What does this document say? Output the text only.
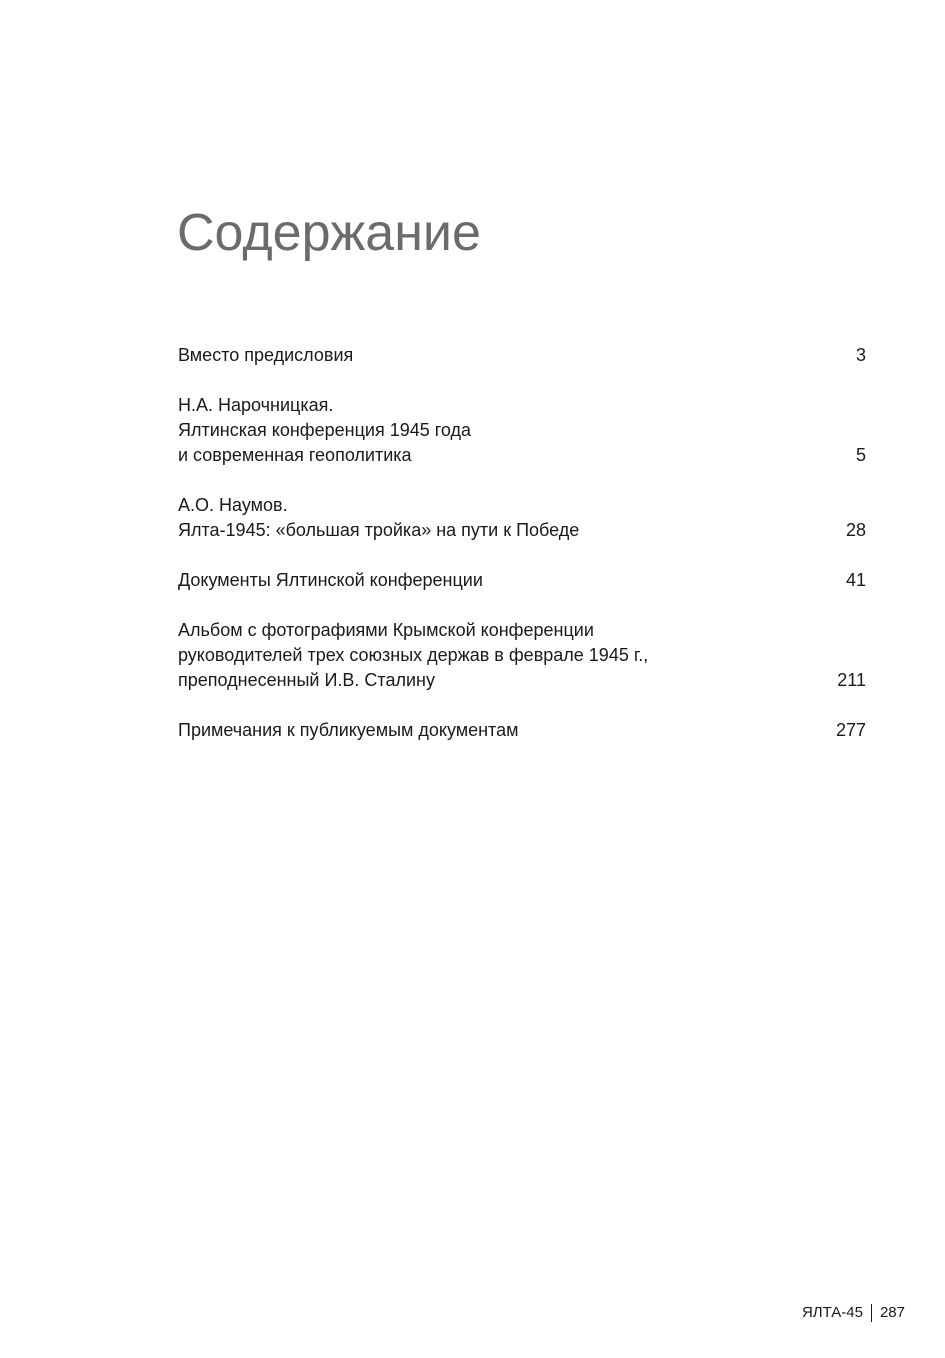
Содержание
Вместо предисловия	3
Н.А. Нарочницкая.
Ялтинская конференция 1945 года
и современная геополитика	5
А.О. Наумов.
Ялта-1945: «большая тройка» на пути к Победе	28
Документы Ялтинской конференции	41
Альбом с фотографиями Крымской конференции
руководителей трех союзных держав в феврале 1945 г.,
преподнесенный И.В. Сталину	211
Примечания к публикуемым документам	277
ЯЛТА-45 287
